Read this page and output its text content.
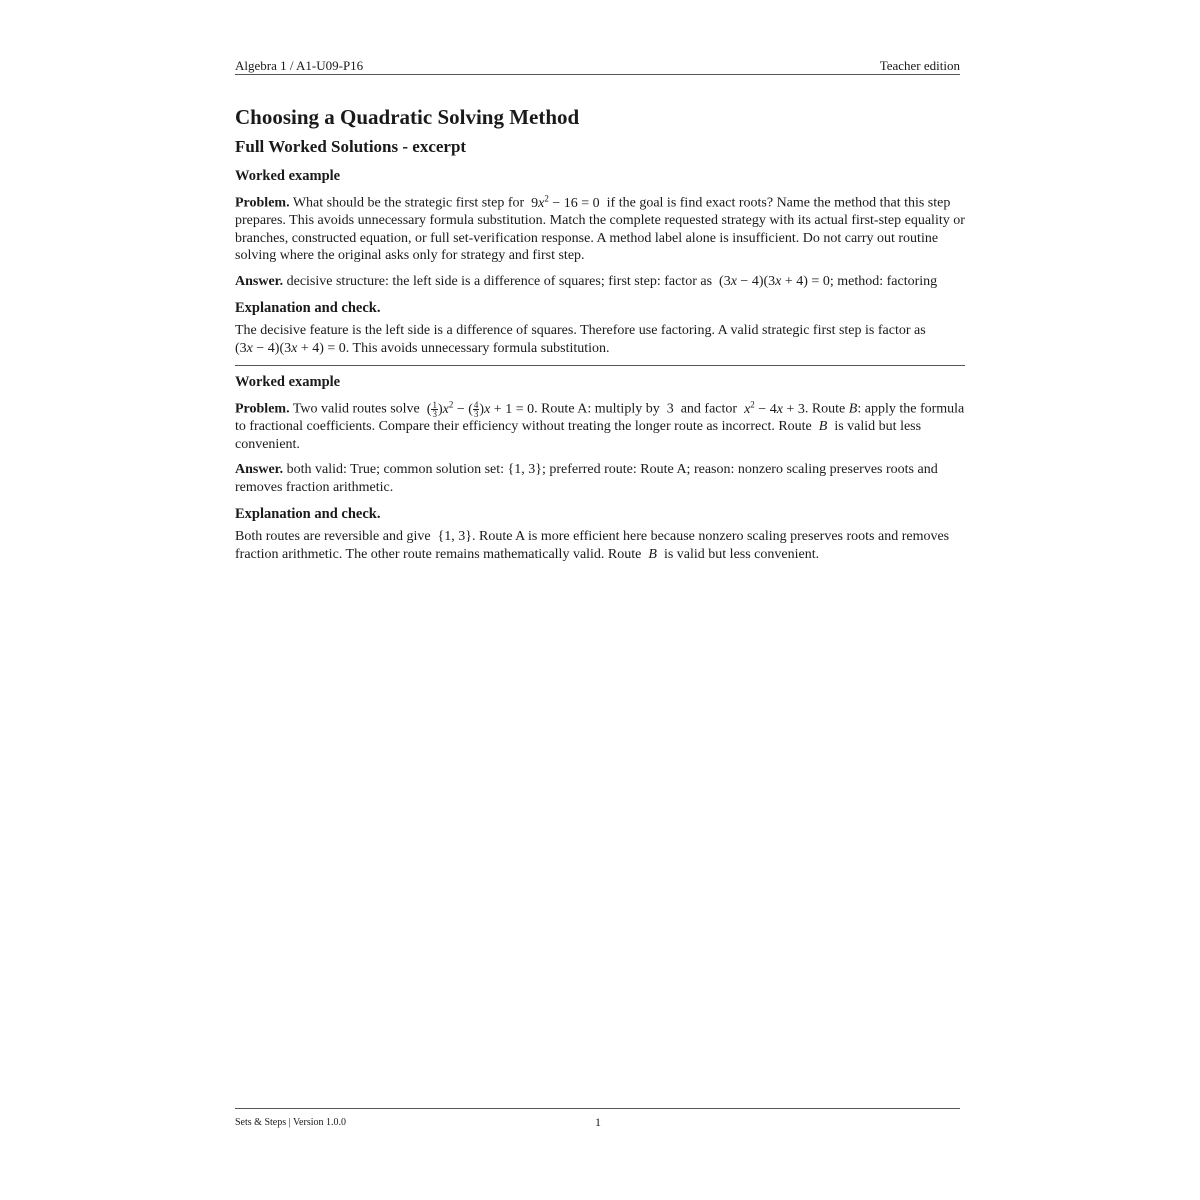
Algebra 1 / A1-U09-P16	Teacher edition
Choosing a Quadratic Solving Method
Full Worked Solutions - excerpt
Worked example

Problem. What should be the strategic first step for  $9x^2 - 16 = 0$  if the goal is find exact roots? Name the method that this step prepares. This avoids unnecessary formula substitution. Match the complete requested strategy with its actual first-step equality or branches, constructed equation, or full set-verification response. A method label alone is insufficient. Do not carry out routine solving where the original asks only for strategy and first step.

Answer. decisive structure: the left side is a difference of squares; first step: factor as  (3x − 4)(3x + 4) = 0; method: factoring

Explanation and check.

The decisive feature is the left side is a difference of squares. Therefore use factoring. A valid strategic first step is factor as (3x − 4)(3x + 4) = 0. This avoids unnecessary formula substitution.

Worked example

Problem. Two valid routes solve  ( $\frac{1}{3} )x^2$ − ( $\frac{4}{3} )x + 1 = 0$. Route A: multiply by  3  and factor $x^2 - 4x + 3$. Route B: apply the formula to fractional coefficients. Compare their efficiency without treating the longer route as incorrect. Route B is valid but less convenient.

Answer. both valid: True; common solution set: {1, 3}; preferred route: Route A; reason: nonzero scaling preserves roots and removes fraction arithmetic.

Explanation and check.

Both routes are reversible and give  {1, 3}. Route A is more efficient here because nonzero scaling preserves roots and removes fraction arithmetic. The other route remains mathematically valid. Route B is valid but less convenient.

Sets & Steps | Version 1.0.0	1
